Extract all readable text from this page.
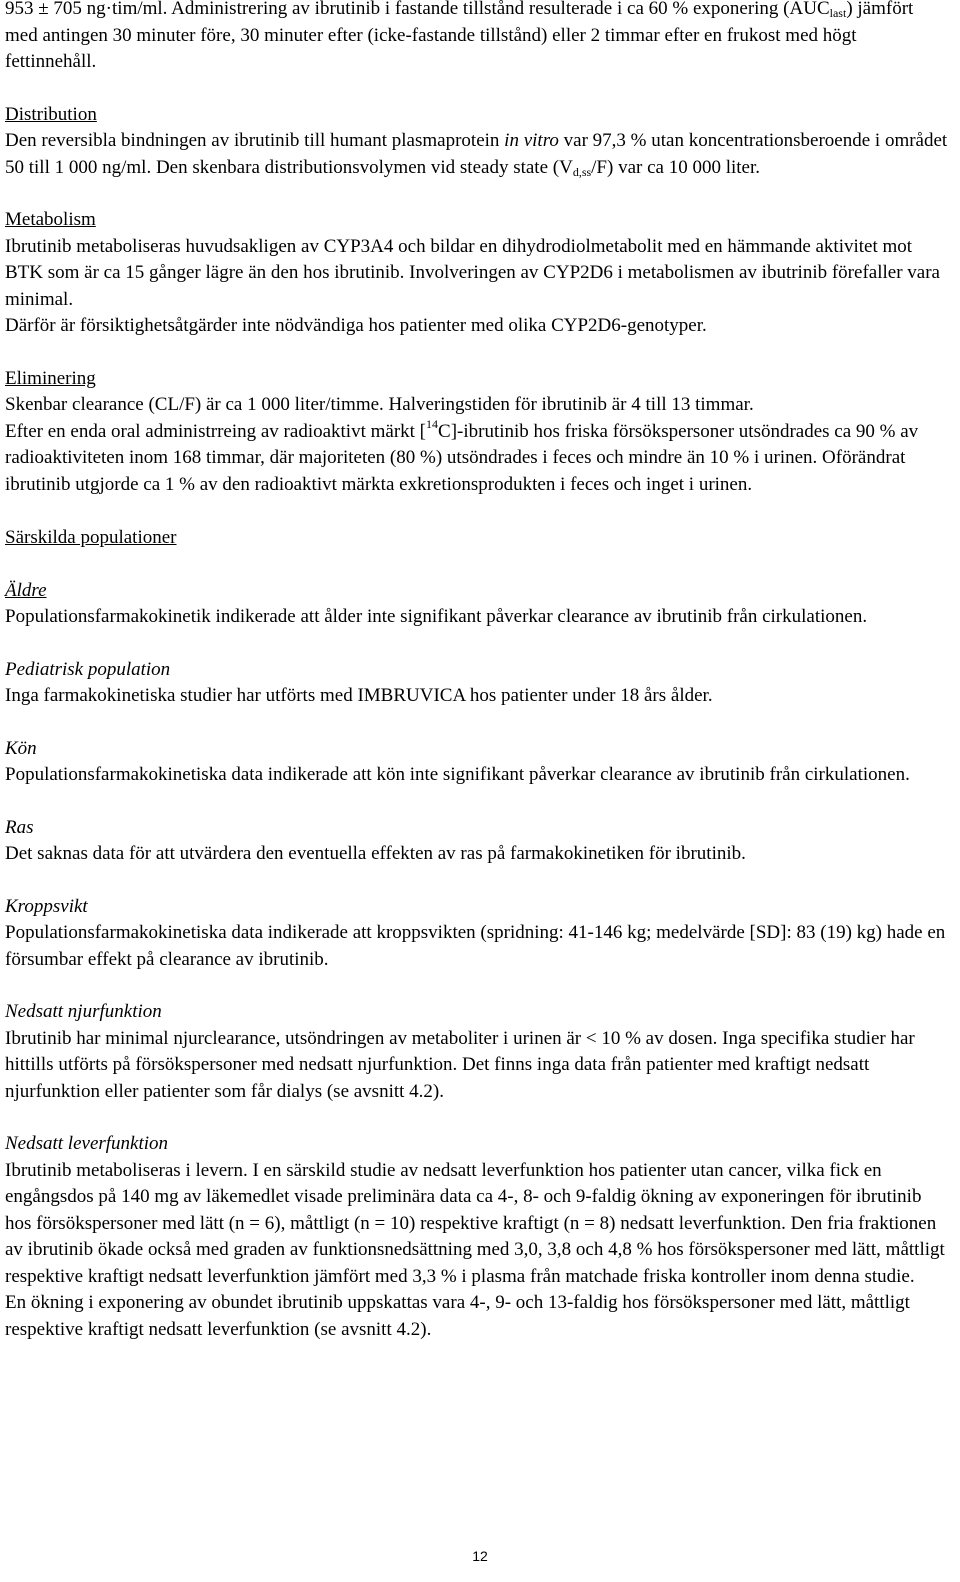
953 ± 705 ng·tim/ml. Administrering av ibrutinib i fastande tillstånd resulterade i ca 60 % exponering $(AUC_{last})$ jämfört med antingen 30 minuter före, 30 minuter efter (icke-fastande tillstånd) eller 2 timmar efter en frukost med högt fettinnehåll.

Distribution

Den reversibla bindningen av ibrutinib till humant plasmaprotein in vitro var 97,3 % utan koncentrationsberoende i området 50 till 1 000 ng/ml. Den skenbara distributionsvolymen vid steady state $(V_{d,ss}/F)$ var ca 10 000 liter.

Metabolism

Ibrutinib metaboliseras huvudsakligen av CYP3A4 och bildar en dihydrodiolmetabolit med en hämmande aktivitet mot BTK som är ca 15 gånger lägre än den hos ibrutinib. Involveringen av CYP2D6 i metabolismen av ibutrinib förefaller vara minimal.

Därför är försiktighetsåtgärder inte nödvändiga hos patienter med olika CYP2D6-genotyper.

Eliminering

Skenbar clearance (CL/F) är ca 1 000 liter/timme. Halveringstiden för ibrutinib är 4 till 13 timmar.

Efter en enda oral administrreing av radioaktivt märkt [$^{14}$C]-ibrutinib hos friska försökspersoner utsöndrades ca 90 % av radioaktiviteten inom 168 timmar, där majoriteten (80 %) utsöndrades i feces och mindre än 10 % i urinen. Oförändrat ibrutinib utgjorde ca 1 % av den radioaktivt märkta exkretionsprodukten i feces och inget i urinen.

Särskilda populationer

Äldre

Populationsfarmakokinetik indikerade att ålder inte signifikant påverkar clearance av ibrutinib från cirkulationen.

Pediatrisk population

Inga farmakokinetiska studier har utförts med IMBRUVICA hos patienter under 18 års ålder.

Kön

Populationsfarmakokinetiska data indikerade att kön inte signifikant påverkar clearance av ibrutinib från cirkulationen.

Ras

Det saknas data för att utvärdera den eventuella effekten av ras på farmakokinetiken för ibrutinib.

Kroppsvikt

Populationsfarmakokinetiska data indikerade att kroppsvikten (spridning: 41-146 kg; medelvärde [SD]: 83 (19) kg) hade en försumbar effekt på clearance av ibrutinib.

Nedsatt njurfunktion

Ibrutinib har minimal njurclearance, utsöndringen av metaboliter i urinen är < 10 % av dosen. Inga specifika studier har hittills utförts på försökspersoner med nedsatt njurfunktion. Det finns inga data från patienter med kraftigt nedsatt njurfunktion eller patienter som får dialys (se avsnitt 4.2).

Nedsatt leverfunktion

Ibrutinib metaboliseras i levern. I en särskild studie av nedsatt leverfunktion hos patienter utan cancer, vilka fick en engångsdos på 140 mg av läkemedlet visade preliminära data ca 4-, 8- och 9-faldig ökning av exponeringen för ibrutinib hos försökspersoner med lätt (n = 6), måttligt (n = 10) respektive kraftigt (n = 8) nedsatt leverfunktion. Den fria fraktionen av ibrutinib ökade också med graden av funktionsnedsättning med 3,0, 3,8 och 4,8 % hos försökspersoner med lätt, måttligt respektive kraftigt nedsatt leverfunktion jämfört med 3,3 % i plasma från matchade friska kontroller inom denna studie.

En ökning i exponering av obundet ibrutinib uppskattas vara 4-, 9- och 13-faldig hos försökspersoner med lätt, måttligt respektive kraftigt nedsatt leverfunktion (se avsnitt 4.2).

12
